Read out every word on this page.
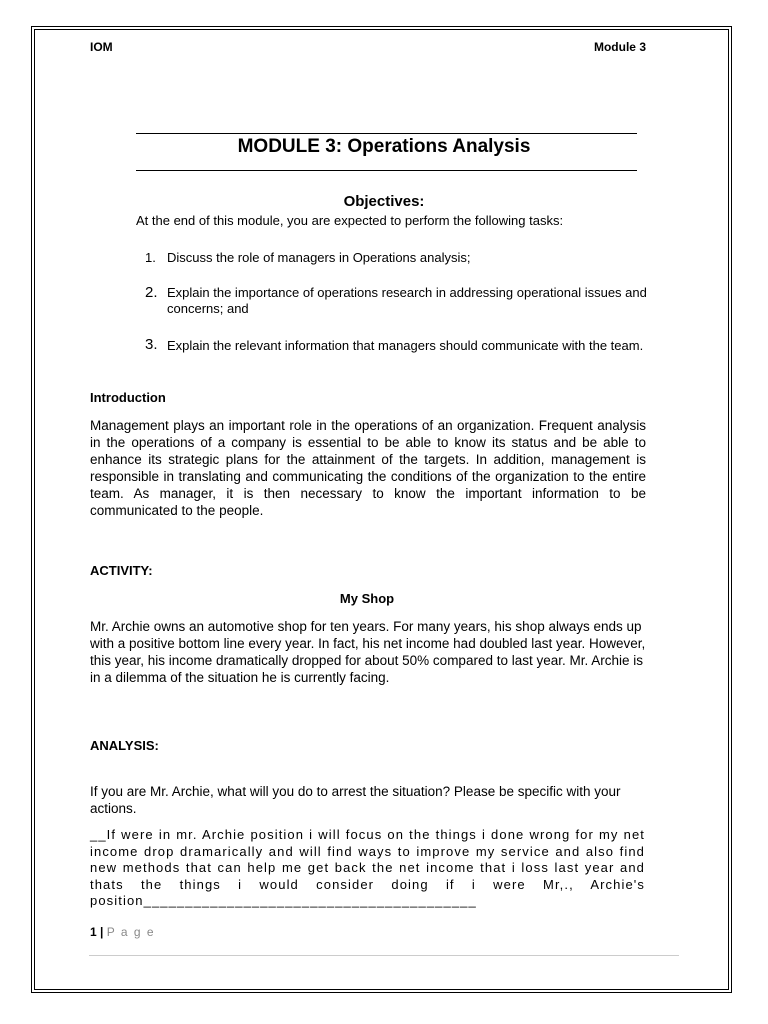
IOM	Module 3
MODULE 3: Operations Analysis
Objectives:
At the end of this module, you are expected to perform the following tasks:
1. Discuss the role of managers in Operations analysis;
2. Explain the importance of operations research in addressing operational issues and concerns; and
3. Explain the relevant information that managers should communicate with the team.
Introduction
Management plays an important role in the operations of an organization. Frequent analysis in the operations of a company is essential to be able to know its status and be able to enhance its strategic plans for the attainment of the targets. In addition, management is responsible in translating and communicating the conditions of the organization to the entire team. As manager, it is then necessary to know the important information to be communicated to the people.
ACTIVITY:
My Shop
Mr. Archie owns an automotive shop for ten years. For many years, his shop always ends up with a positive bottom line every year. In fact, his net income had doubled last year. However, this year, his income dramatically dropped for about 50% compared to last year. Mr. Archie is in a dilemma of the situation he is currently facing.
ANALYSIS:
If you are Mr. Archie, what will you do to arrest the situation? Please be specific with your actions.
__If were in mr. Archie position i will focus on the things i done wrong for my net income drop dramarically and will find ways to improve my service and also find new methods that can help me get back the net income that i loss last year and thats the things i would consider doing if i were Mr,., Archie's position________________________________________
1 | P a g e
